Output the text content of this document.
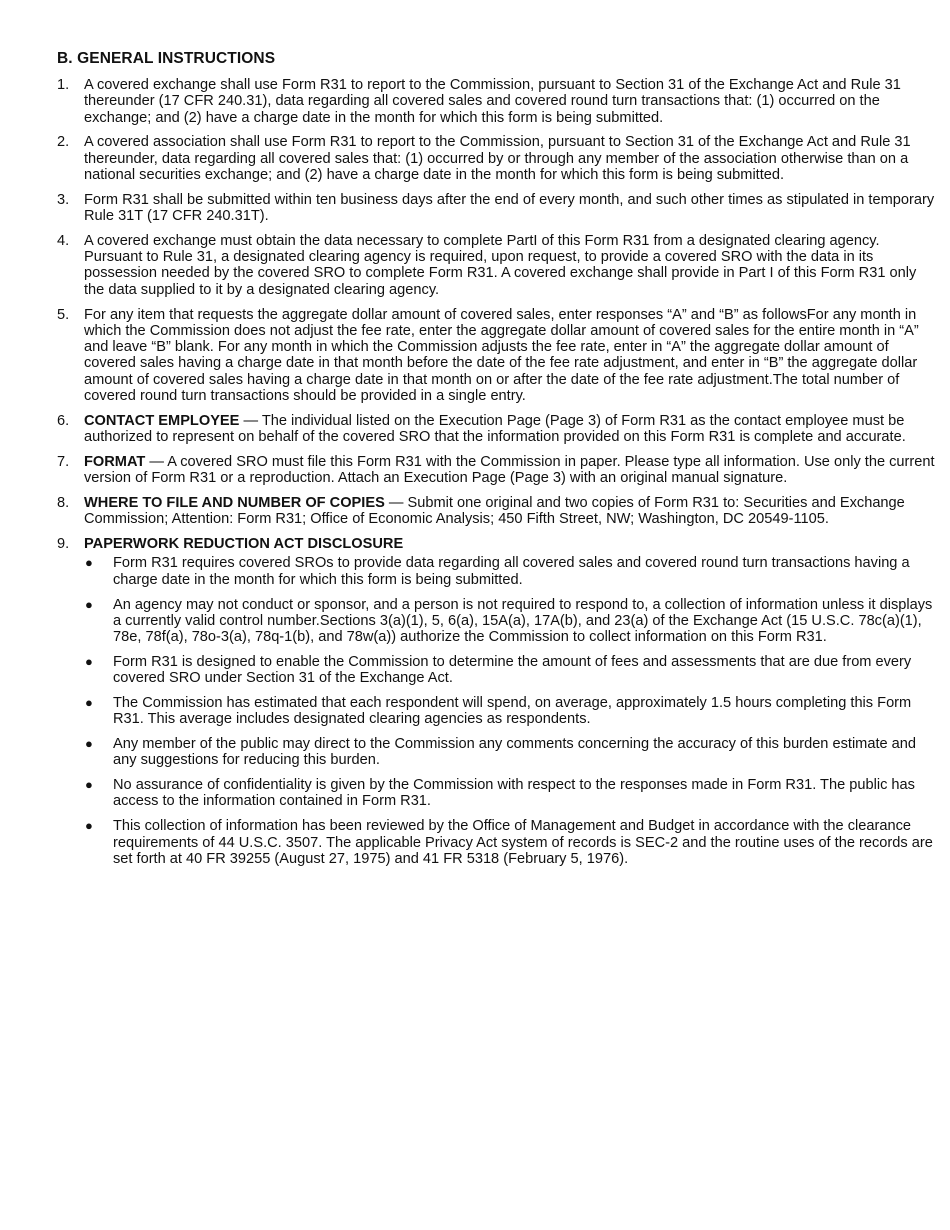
B. GENERAL INSTRUCTIONS
1. A covered exchange shall use Form R31 to report to the Commission, pursuant to Section 31 of the Exchange Act and Rule 31 thereunder (17 CFR 240.31), data regarding all covered sales and covered round turn transactions that: (1) occurred on the exchange; and (2) have a charge date in the month for which this form is being submitted.
2. A covered association shall use Form R31 to report to the Commission, pursuant to Section 31 of the Exchange Act and Rule 31 thereunder, data regarding all covered sales that: (1) occurred by or through any member of the association otherwise than on a national securities exchange; and (2) have a charge date in the month for which this form is being submitted.
3. Form R31 shall be submitted within ten business days after the end of every month, and such other times as stipulated in temporary Rule 31T (17 CFR 240.31T).
4. A covered exchange must obtain the data necessary to complete PartI of this Form R31 from a designated clearing agency. Pursuant to Rule 31, a designated clearing agency is required, upon request, to provide a covered SRO with the data in its possession needed by the covered SRO to complete Form R31. A covered exchange shall provide in Part I of this Form R31 only the data supplied to it by a designated clearing agency.
5. For any item that requests the aggregate dollar amount of covered sales, enter responses “A” and “B” as followsFor any month in which the Commission does not adjust the fee rate, enter the aggregate dollar amount of covered sales for the entire month in “A” and leave “B” blank. For any month in which the Commission adjusts the fee rate, enter in “A” the aggregate dollar amount of covered sales having a charge date in that month before the date of the fee rate adjustment, and enter in “B” the aggregate dollar amount of covered sales having a charge date in that month on or after the date of the fee rate adjustment.The total number of covered round turn transactions should be provided in a single entry.
6. CONTACT EMPLOYEE — The individual listed on the Execution Page (Page 3) of Form R31 as the contact employee must be authorized to represent on behalf of the covered SRO that the information provided on this Form R31 is complete and accurate.
7. FORMAT — A covered SRO must file this Form R31 with the Commission in paper. Please type all information. Use only the current version of Form R31 or a reproduction. Attach an Execution Page (Page 3) with an original manual signature.
8. WHERE TO FILE AND NUMBER OF COPIES — Submit one original and two copies of Form R31 to: Securities and Exchange Commission; Attention: Form R31; Office of Economic Analysis; 450 Fifth Street, NW; Washington, DC 20549-1105.
9. PAPERWORK REDUCTION ACT DISCLOSURE
● Form R31 requires covered SROs to provide data regarding all covered sales and covered round turn transactions having a charge date in the month for which this form is being submitted.
● An agency may not conduct or sponsor, and a person is not required to respond to, a collection of information unless it displays a currently valid control number.Sections 3(a)(1), 5, 6(a), 15A(a), 17A(b), and 23(a) of the Exchange Act (15 U.S.C. 78c(a)(1), 78e, 78f(a), 78o-3(a), 78q-1(b), and 78w(a)) authorize the Commission to collect information on this Form R31.
● Form R31 is designed to enable the Commission to determine the amount of fees and assessments that are due from every covered SRO under Section 31 of the Exchange Act.
● The Commission has estimated that each respondent will spend, on average, approximately 1.5 hours completing this Form R31. This average includes designated clearing agencies as respondents.
● Any member of the public may direct to the Commission any comments concerning the accuracy of this burden estimate and any suggestions for reducing this burden.
● No assurance of confidentiality is given by the Commission with respect to the responses made in Form R31. The public has access to the information contained in Form R31.
● This collection of information has been reviewed by the Office of Management and Budget in accordance with the clearance requirements of 44 U.S.C. 3507. The applicable Privacy Act system of records is SEC-2 and the routine uses of the records are set forth at 40 FR 39255 (August 27, 1975) and 41 FR 5318 (February 5, 1976).
